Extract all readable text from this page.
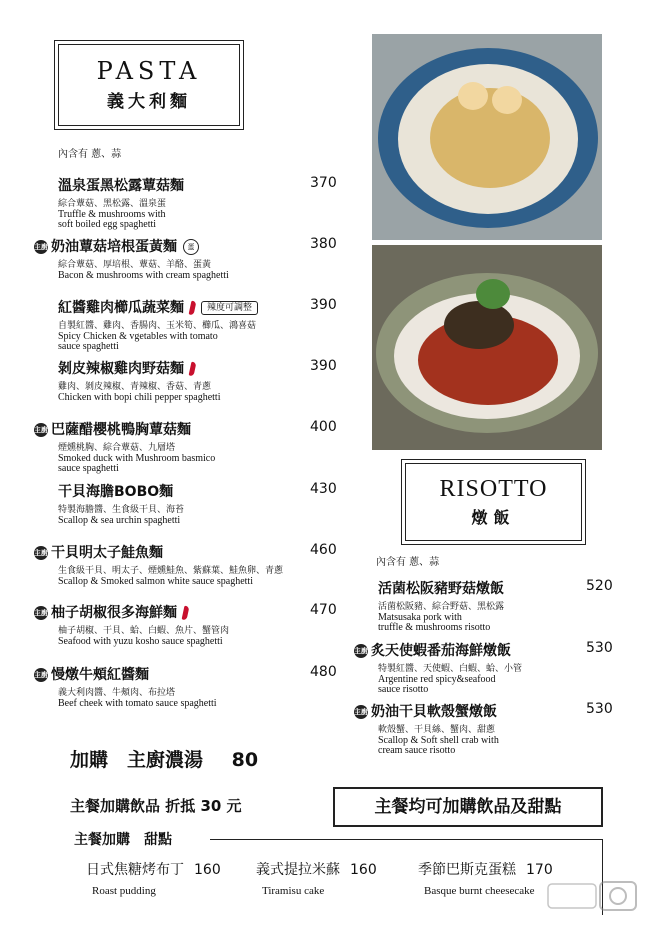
PASTA
義大利麵
內含有 蔥、蒜
溫泉蛋黑松露蕈菇麵	370
綜合蕈菇、黑松露、溫泉蛋
Truffle & mushrooms with
soft boiled egg spaghetti
主廚 奶油蕈菇培根蛋黃麵 蛋	380
綜合蕈菇、厚培根、蕈菇、羊酪、蛋黃
Bacon & mushrooms with cream spaghetti
紅醬雞肉櫛瓜蔬菜麵	辣度可調整	390
自製紅醬、雞肉、香腸肉、玉米筍、櫛瓜、鴻喜菇
Spicy Chicken & vgetables with tomato
sauce spaghetti
剝皮辣椒雞肉野菇麵	390
雞肉、剝皮辣椒、青辣椒、香菇、青蔥
Chicken with bopi chili pepper spaghetti
主廚 巴薩醋櫻桃鴨胸蕈菇麵	400
煙燻桃胸、綜合蕈菇、九層塔
Smoked duck with Mushroom basmico
sauce spaghetti
干貝海膽BOBO麵	430
特製海膽醬、生食級干貝、海苔
Scallop & sea urchin spaghetti
主廚 干貝明太子鮭魚麵	460
生食級干貝、明太子、煙燻鮭魚、紫蘇葉、鮭魚卵、青蔥
Scallop & Smoked salmon white sauce spaghetti
主廚 柚子胡椒很多海鮮麵	470
柚子胡椒、干貝、蛤、白蝦、魚片、蟹管肉
Seafood with yuzu kosho sauce spaghetti
主廚 慢燉牛頰紅醬麵	480
義大利肉醬、牛頰肉、布拉塔
Beef cheek with tomato sauce spaghetti
RISOTTO
燉飯
內含有 蔥、蒜
活菌松阪豬野菇燉飯	520
活菌松阪豬、綜合野菇、黑松露
Matsusaka pork with
truffle & mushrooms risotto
主廚 炙天使蝦番茄海鮮燉飯	530
特製紅醬、天使蝦、白蝦、蛤、小管
Argentine red spicy&seafood
sauce risotto
主廚 奶油干貝軟殼蟹燉飯	530
軟殼蟹、干貝絲、蟹肉、甜蔥
Scallop & Soft shell crab with
cream sauce risotto
加購　主廚濃湯 80
主餐加購飲品 折抵 30 元	主餐均可加購飲品及甜點
主餐加購　甜點
日式焦糖烤布丁 160
Roast pudding
義式提拉米蘇 160
Tiramisu cake
季節巴斯克蛋糕 170
Basque burnt cheesecake
